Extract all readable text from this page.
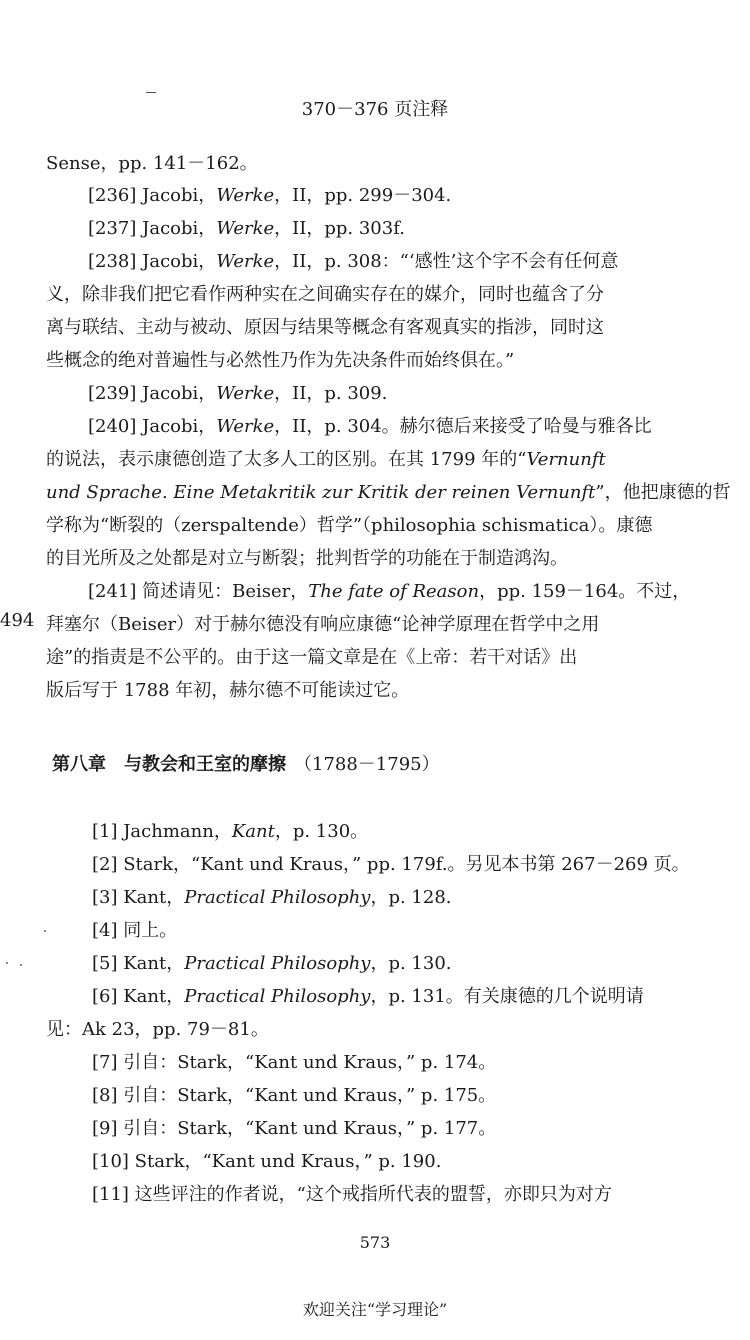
370－376 页注释
494
Sense，pp. 141－162。
[236] Jacobi，Werke，II，pp. 299－304.
[237] Jacobi，Werke，II，pp. 303f.
[238] Jacobi，Werke，II，p. 308：“‘感性’这个字不会有任何意
义，除非我们把它看作两种实在之间确实存在的媒介，同时也蕴含了分
离与联结、主动与被动、原因与结果等概念有客观真实的指涉，同时这
些概念的绝对普遍性与必然性乃作为先决条件而始终俱在。”
[239] Jacobi，Werke，II，p. 309.
[240] Jacobi，Werke，II，p. 304。赫尔德后来接受了哈曼与雅各比
的说法，表示康德创造了太多人工的区别。在其 1799 年的“Vernunft
und Sprache. Eine Metakritik zur Kritik der reinen Vernunft”，他把康德的哲
学称为“断裂的（zerspaltende）哲学”（philosophia schismatica）。康德
的目光所及之处都是对立与断裂；批判哲学的功能在于制造鸿沟。
[241] 简述请见：Beiser，The fate of Reason，pp. 159－164。不过，
拜塞尔（Beiser）对于赫尔德没有响应康德“论神学原理在哲学中之用
途”的指责是不公平的。由于这一篇文章是在《上帝：若干对话》出
版后写于 1788 年初，赫尔德不可能读过它。
[1] Jachmann，Kant，p. 130。
[2] Stark，“Kant und Kraus，” pp. 179f.。另见本书第 267－269 页。
[3] Kant，Practical Philosophy，p. 128.
[4] 同上。
[5] Kant，Practical Philosophy，p. 130.
[6] Kant，Practical Philosophy，p. 131。有关康德的几个说明请
见：Ak 23，pp. 79－81。
[7] 引自：Stark，“Kant und Kraus，” p. 174。
[8] 引自：Stark，“Kant und Kraus，” p. 175。
[9] 引自：Stark，“Kant und Kraus，” p. 177。
[10] Stark，“Kant und Kraus，” p. 190.
[11] 这些评注的作者说，“这个戒指所代表的盟誓，亦即只为对方
第八章　与教会和王室的摩擦 （1788－1795）
573
欢迎关注“学习理论”
